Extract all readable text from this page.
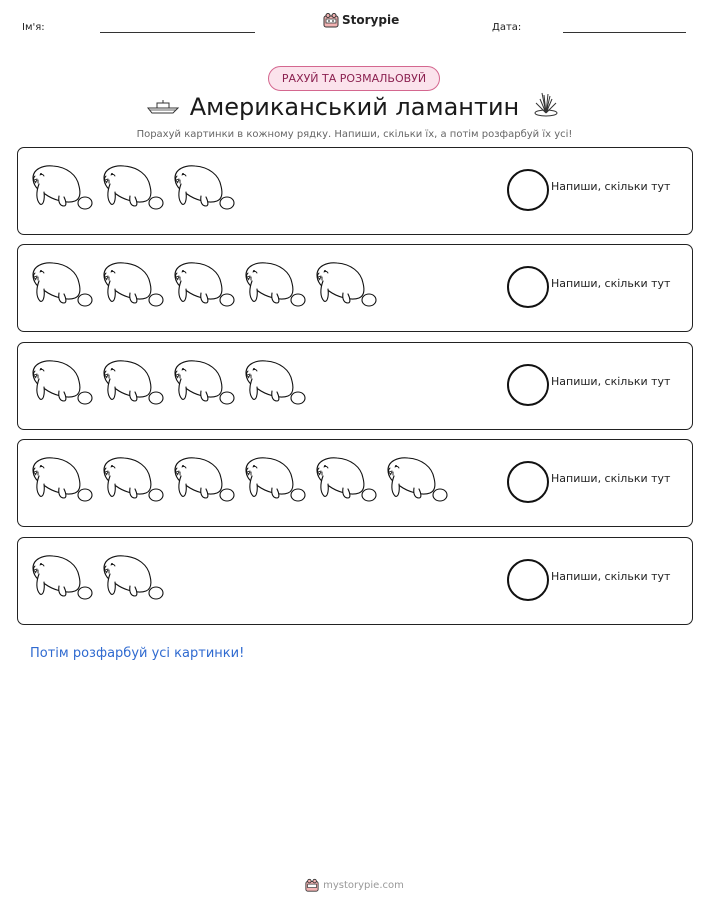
Ім'я:
Storypie
Дата:
РАХУЙ ТА РОЗМАЛЬОВУЙ
Американський ламантин
Порахуй картинки в кожному рядку. Напиши, скільки їх, а потім розфарбуй їх усі!
Напиши, скільки тут
Напиши, скільки тут
Напиши, скільки тут
Напиши, скільки тут
Напиши, скільки тут
Потім розфарбуй усі картинки!
mystorypie.com
